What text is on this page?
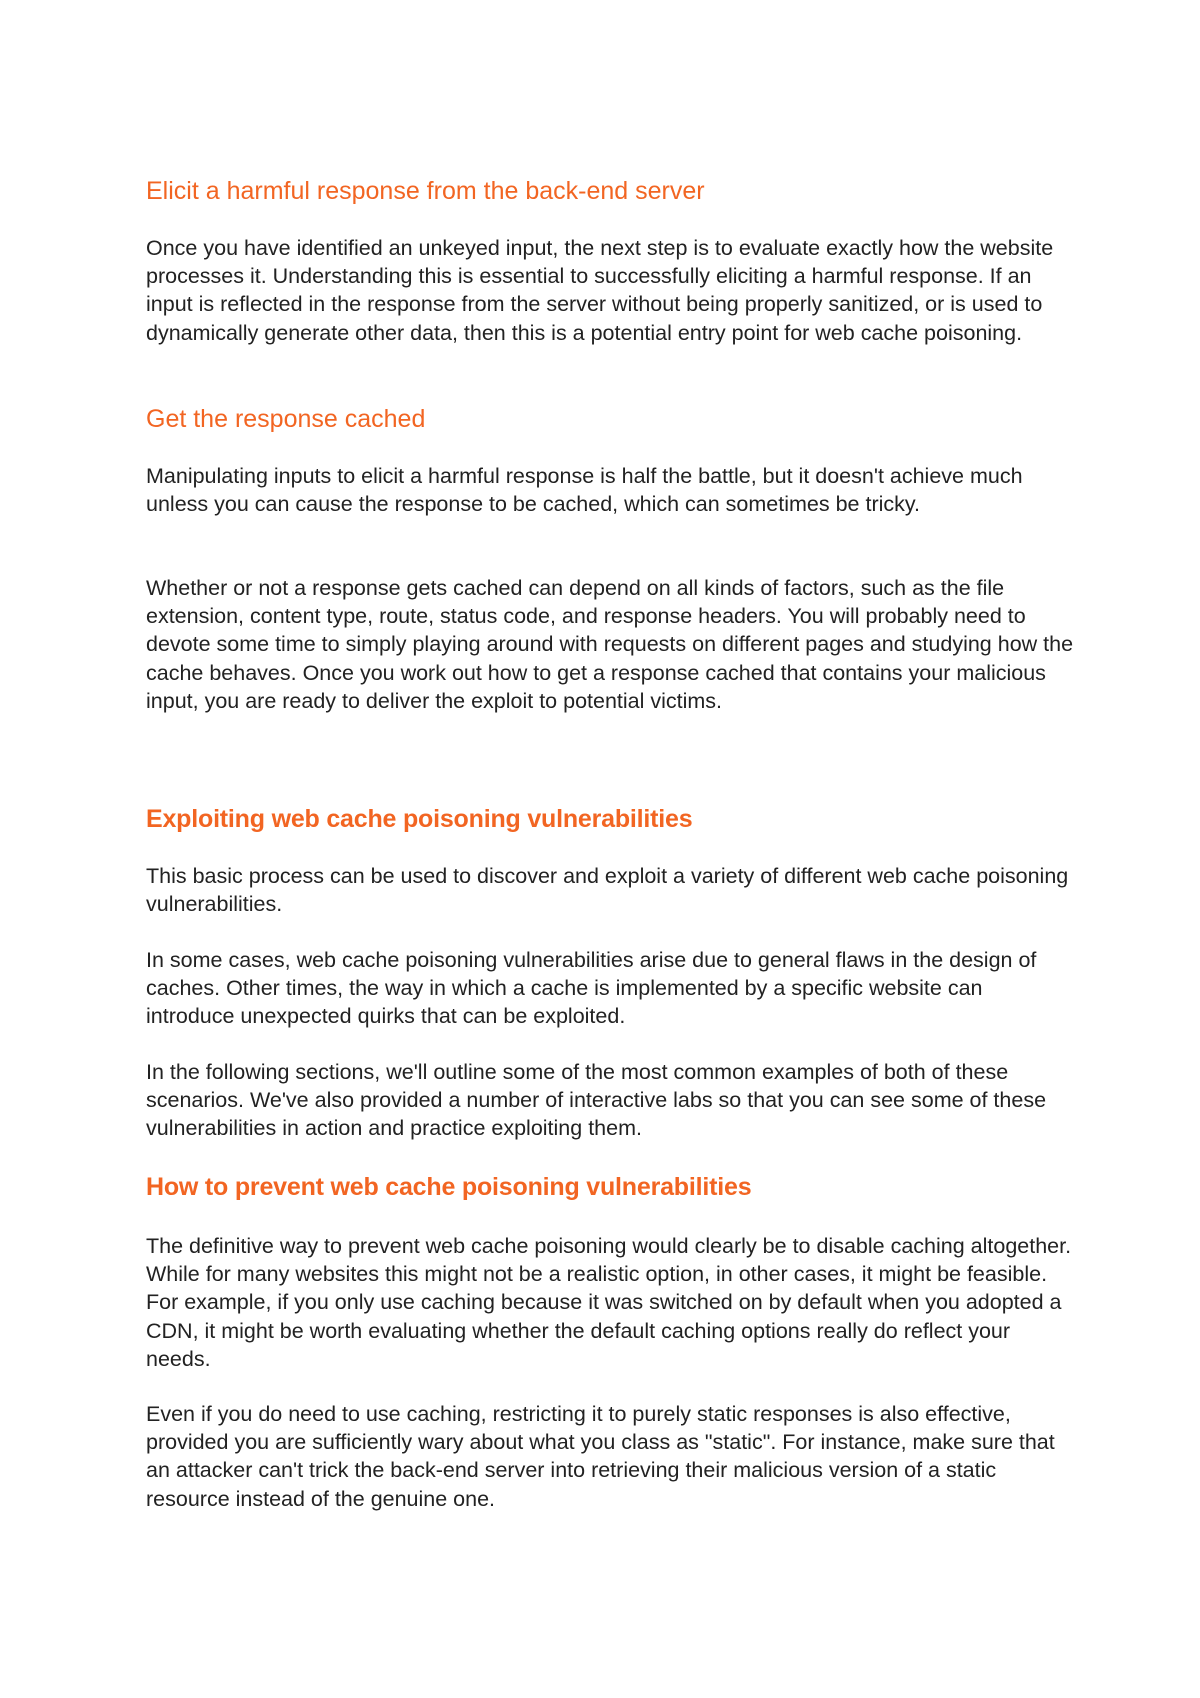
Elicit a harmful response from the back-end server

Once you have identified an unkeyed input, the next step is to evaluate exactly how the website processes it. Understanding this is essential to successfully eliciting a harmful response. If an input is reflected in the response from the server without being properly sanitized, or is used to dynamically generate other data, then this is a potential entry point for web cache poisoning.

Get the response cached

Manipulating inputs to elicit a harmful response is half the battle, but it doesn't achieve much unless you can cause the response to be cached, which can sometimes be tricky.

Whether or not a response gets cached can depend on all kinds of factors, such as the file extension, content type, route, status code, and response headers. You will probably need to devote some time to simply playing around with requests on different pages and studying how the cache behaves. Once you work out how to get a response cached that contains your malicious input, you are ready to deliver the exploit to potential victims.

Exploiting web cache poisoning vulnerabilities

This basic process can be used to discover and exploit a variety of different web cache poisoning vulnerabilities.

In some cases, web cache poisoning vulnerabilities arise due to general flaws in the design of caches. Other times, the way in which a cache is implemented by a specific website can introduce unexpected quirks that can be exploited.

In the following sections, we'll outline some of the most common examples of both of these scenarios. We've also provided a number of interactive labs so that you can see some of these vulnerabilities in action and practice exploiting them.

How to prevent web cache poisoning vulnerabilities

The definitive way to prevent web cache poisoning would clearly be to disable caching altogether. While for many websites this might not be a realistic option, in other cases, it might be feasible. For example, if you only use caching because it was switched on by default when you adopted a CDN, it might be worth evaluating whether the default caching options really do reflect your needs.

Even if you do need to use caching, restricting it to purely static responses is also effective, provided you are sufficiently wary about what you class as "static". For instance, make sure that an attacker can't trick the back-end server into retrieving their malicious version of a static resource instead of the genuine one.
